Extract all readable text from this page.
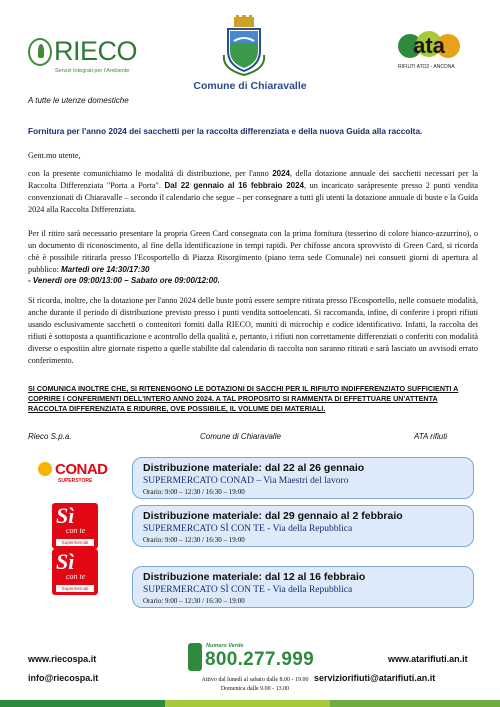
RIECO
Servizi Integrati per l'Ambiente
Comune di Chiaravalle
ata
RIFIUTI ATO2 - ANCONA
A tutte le utenze domestiche
Fornitura per l'anno 2024 dei sacchetti per la raccolta differenziata e della nuova Guida alla raccolta.
Gent.mo utente,
con la presente comunichiamo le modalità di distribuzione, per l'anno 2024, della dotazione annuale dei sacchetti necessari per la Raccolta Differenziata "Porta a Porta". Dal 22 gennaio al 16 febbraio 2024, un incaricato saràpresente presso 2 punti vendita convenzionati di Chiaravalle – secondo il calendario che segue – per consegnare a tutti gli utenti la dotazione annuale di buste e la Guida 2024 alla Raccolta Differenziata.
Per il ritiro sarà necessario presentare la propria Green Card consegnata con la prima fornitura (tesserino di colore bianco-azzurrino), o un documento di riconoscimento, al fine della identificazione in tempi rapidi. Per chifosse ancora sprovvisto di Green Card, si ricorda chè è possibile ritirarla presso l'Ecosportello di Piazza Risorgimento (piano terra sede Comunale) nei consueti giorni di apertura al pubblico: Martedì ore 14:30/17:30
- Venerdì ore 09:00/13:00 – Sabato ore 09:00/12:00.
Si ricorda, inoltre, che la dotazione per l'anno 2024 delle buste potrà essere sempre ritirata presso l'Ecosportello, nelle consuete modalità, anche durante il periodo di distribuzione previsto presso i punti vendita sottoelencati. Si raccomanda, infine, di conferire i propri rifiuti usando esclusivamente sacchetti o contenitori forniti dalla RIECO, muniti di microchip e codice identificativo. Infatti, la raccolta dei rifiuti è sottoposta a quantificazione e acontrollo della qualità e, pertanto, i rifiuti non correttamente differenziati o conferiti con modalità diverse o espostiin altre giornate rispetto a quelle stabilite dal calendario di raccolta non saranno ritirati e sarà lasciato un avvisodi errato conferimento.
SI COMUNICA INOLTRE CHE, SI RITENENGONO LE DOTAZIONI DI SACCHI PER IL RIFIUTO INDIFFERENZIATO SUFFICIENTI A COPRIRE I CONFERIMENTI DELL'INTERO ANNO 2024. A TAL PROPOSITO SI RAMMENTA DI EFFETTUARE UN'ATTENTA RACCOLTA DIFFERENZIATA E RIDURRE, OVE POSSIBILE, IL VOLUME DEI MATERIALI.
Rieco S.p.a.	Comune di Chiaravalle	ATA rifiuti
CONAD
SUPERSTORE
Sì
con te
Supermercati
Sì
con te
Supermercati
Distribuzione materiale: dal 22 al 26 gennaio
SUPERMERCATO CONAD – Via Maestri del lavoro
Orario: 9:00 – 12:30 / 16:30 – 19:00
Distribuzione materiale: dal 29 gennaio al 2 febbraio
SUPERMERCATO SÌ CON TE - Via della Repubblica
Orario: 9:00 – 12:30 / 16:30 – 19:00
Distribuzione materiale: dal 12 al 16 febbraio
SUPERMERCATO SÌ CON TE - Via della Repubblica
Orario: 9:00 – 12:30 / 16:30 – 19:00
www.riecospa.it
info@riecospa.it
Numero Verde
800.277.999
Attivo dal lunedì al sabato dalle 8.00 - 19.00
Domenica dalle 9.00 - 13.00
www.atarifiuti.an.it
serviziorifiuti@atarifiuti.an.it
